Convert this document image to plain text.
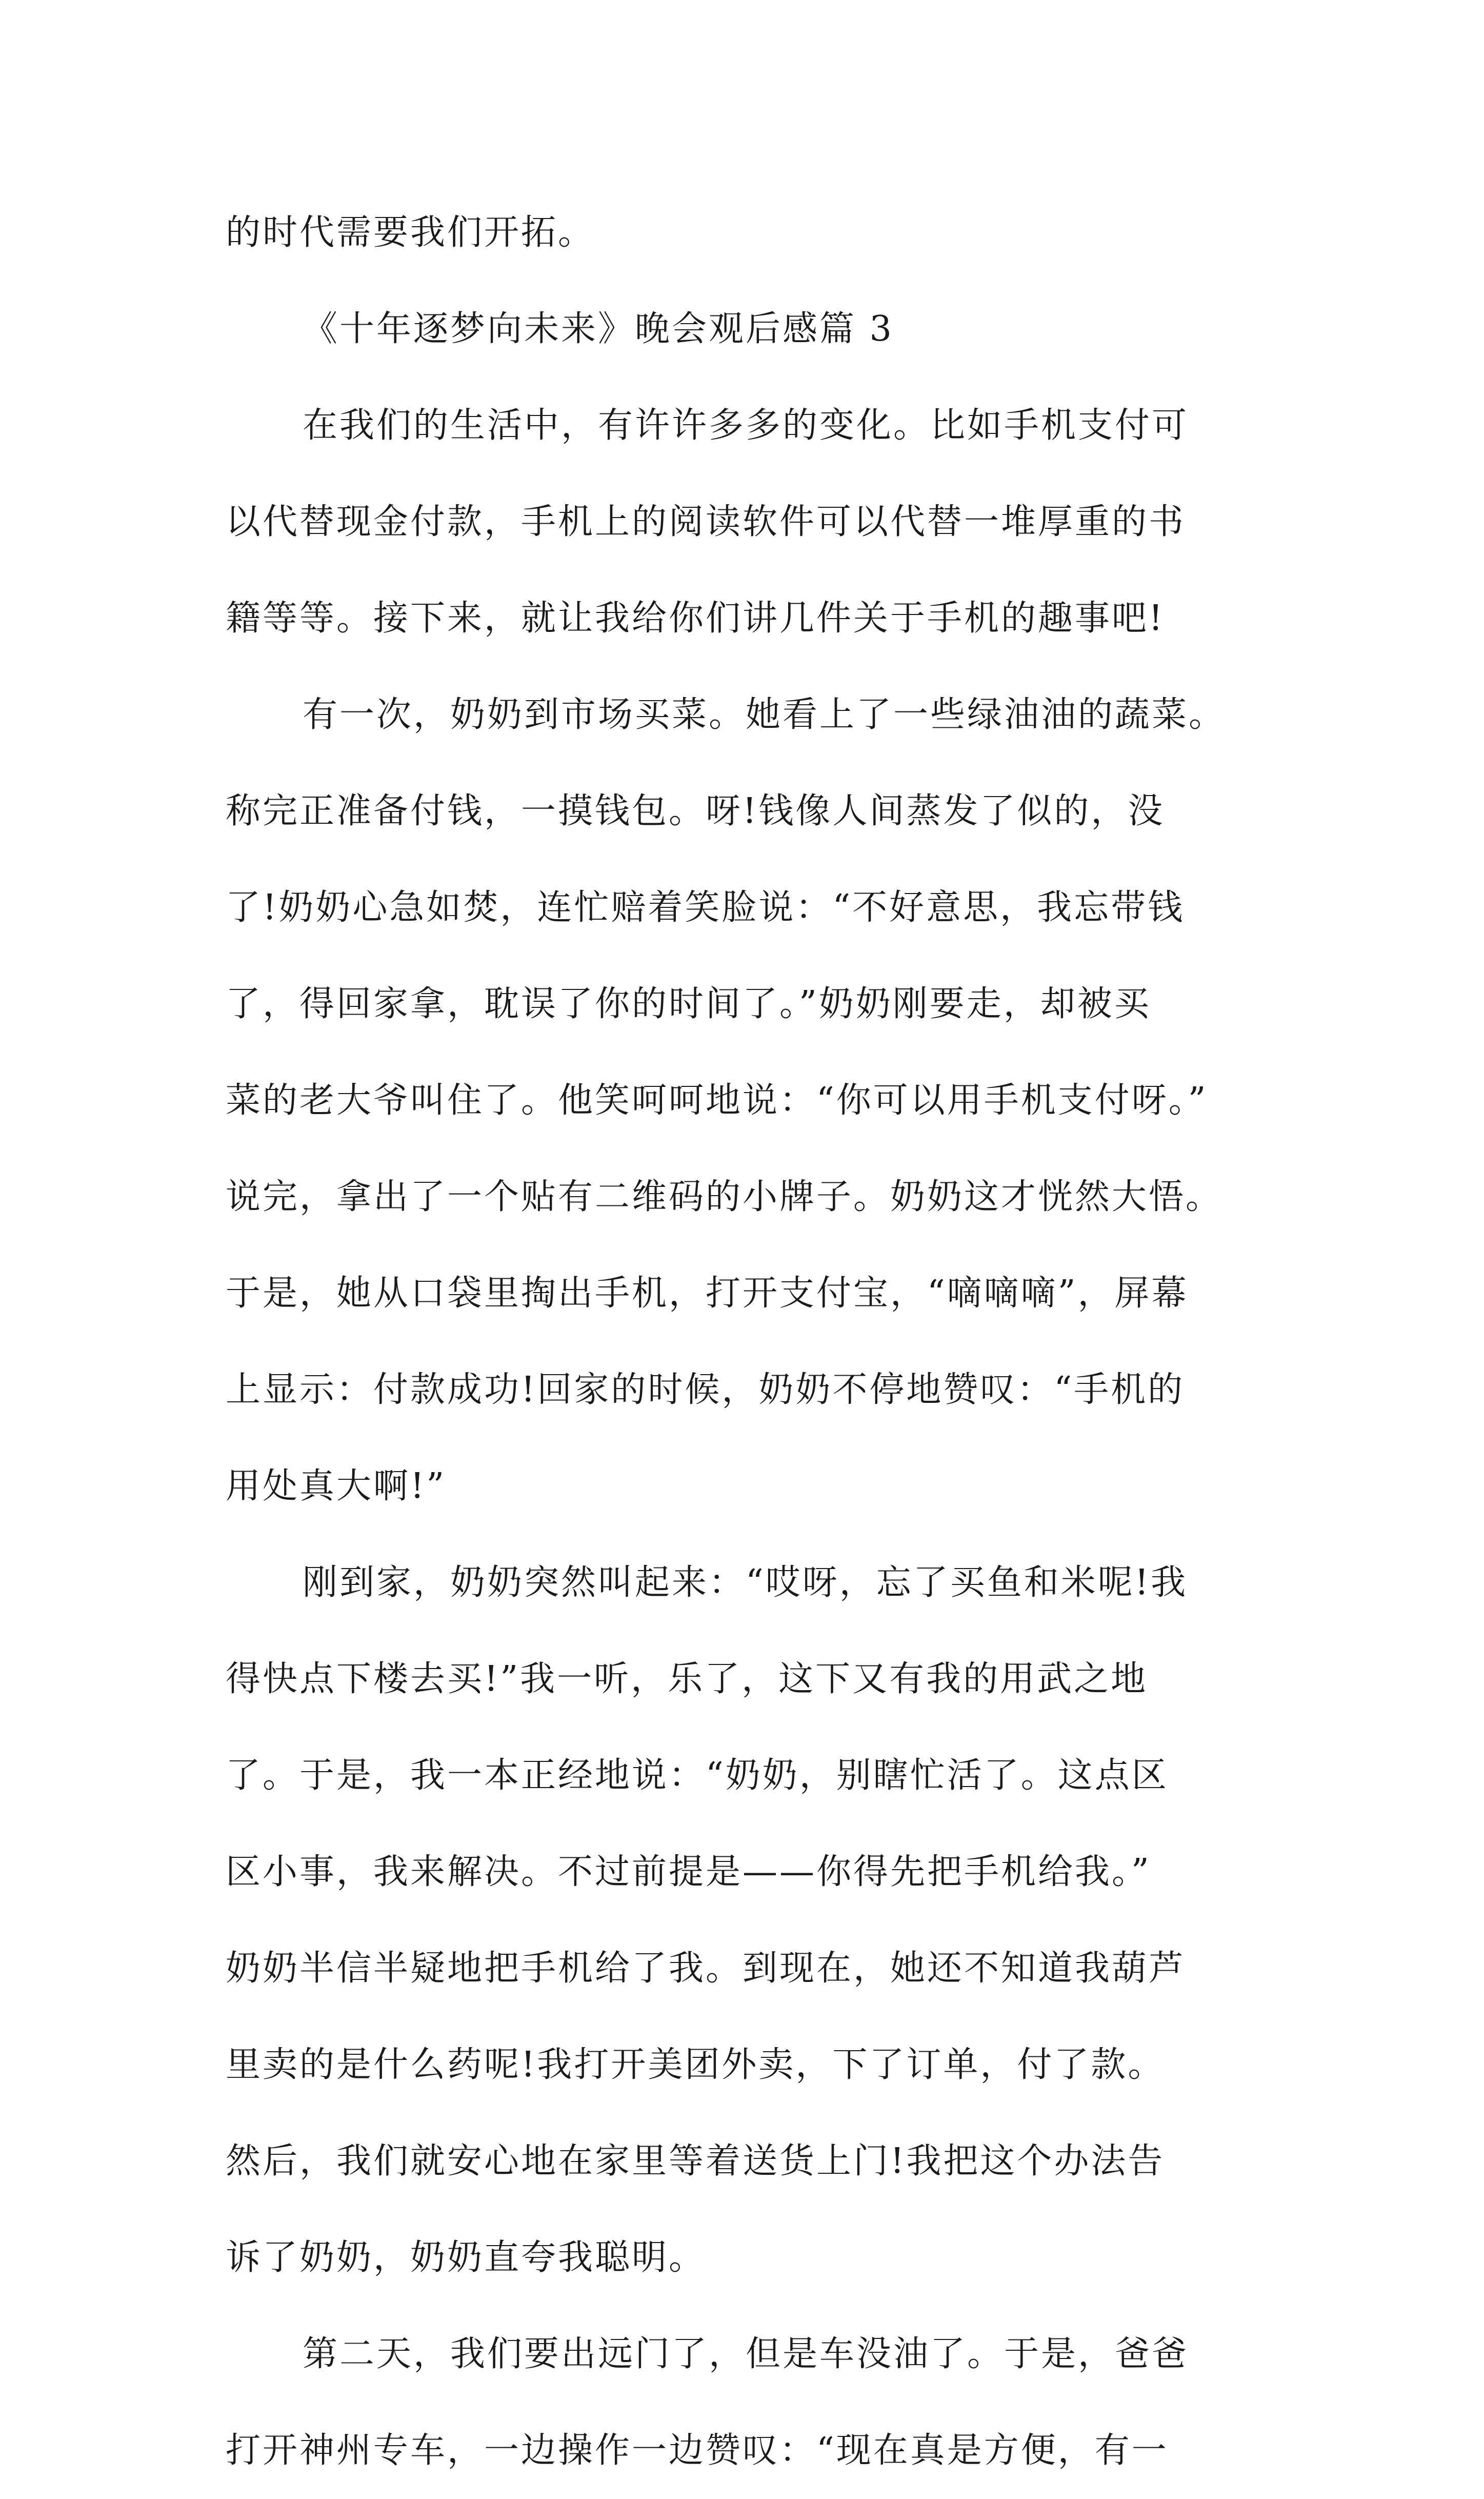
的时代需要我们开拓。
《十年逐梦向未来》晚会观后感篇 3
在我们的生活中，有许许多多的变化。比如手机支付可
以代替现金付款，手机上的阅读软件可以代替一堆厚重的书
籍等等。接下来，就让我给你们讲几件关于手机的趣事吧!
有一次，奶奶到市场买菜。她看上了一些绿油油的蔬菜。
称完正准备付钱，一摸钱包。呀!钱像人间蒸发了似的，没
了!奶奶心急如焚，连忙赔着笑脸说：“不好意思，我忘带钱
了，得回家拿，耽误了你的时间了。”奶奶刚要走，却被买
菜的老大爷叫住了。他笑呵呵地说：“你可以用手机支付呀。”
说完，拿出了一个贴有二维码的小牌子。奶奶这才恍然大悟。
于是，她从口袋里掏出手机，打开支付宝，“嘀嘀嘀”，屏幕
上显示：付款成功!回家的时候，奶奶不停地赞叹：“手机的
用处真大啊!”
刚到家，奶奶突然叫起来：“哎呀，忘了买鱼和米呢!我
得快点下楼去买!”我一听，乐了，这下又有我的用武之地
了。于是，我一本正经地说：“奶奶，别瞎忙活了。这点区
区小事，我来解决。不过前提是——你得先把手机给我。”
奶奶半信半疑地把手机给了我。到现在，她还不知道我葫芦
里卖的是什么药呢!我打开美团外卖，下了订单，付了款。
然后，我们就安心地在家里等着送货上门!我把这个办法告
诉了奶奶，奶奶直夸我聪明。
第二天，我们要出远门了，但是车没油了。于是，爸爸
打开神州专车，一边操作一边赞叹：“现在真是方便，有一
